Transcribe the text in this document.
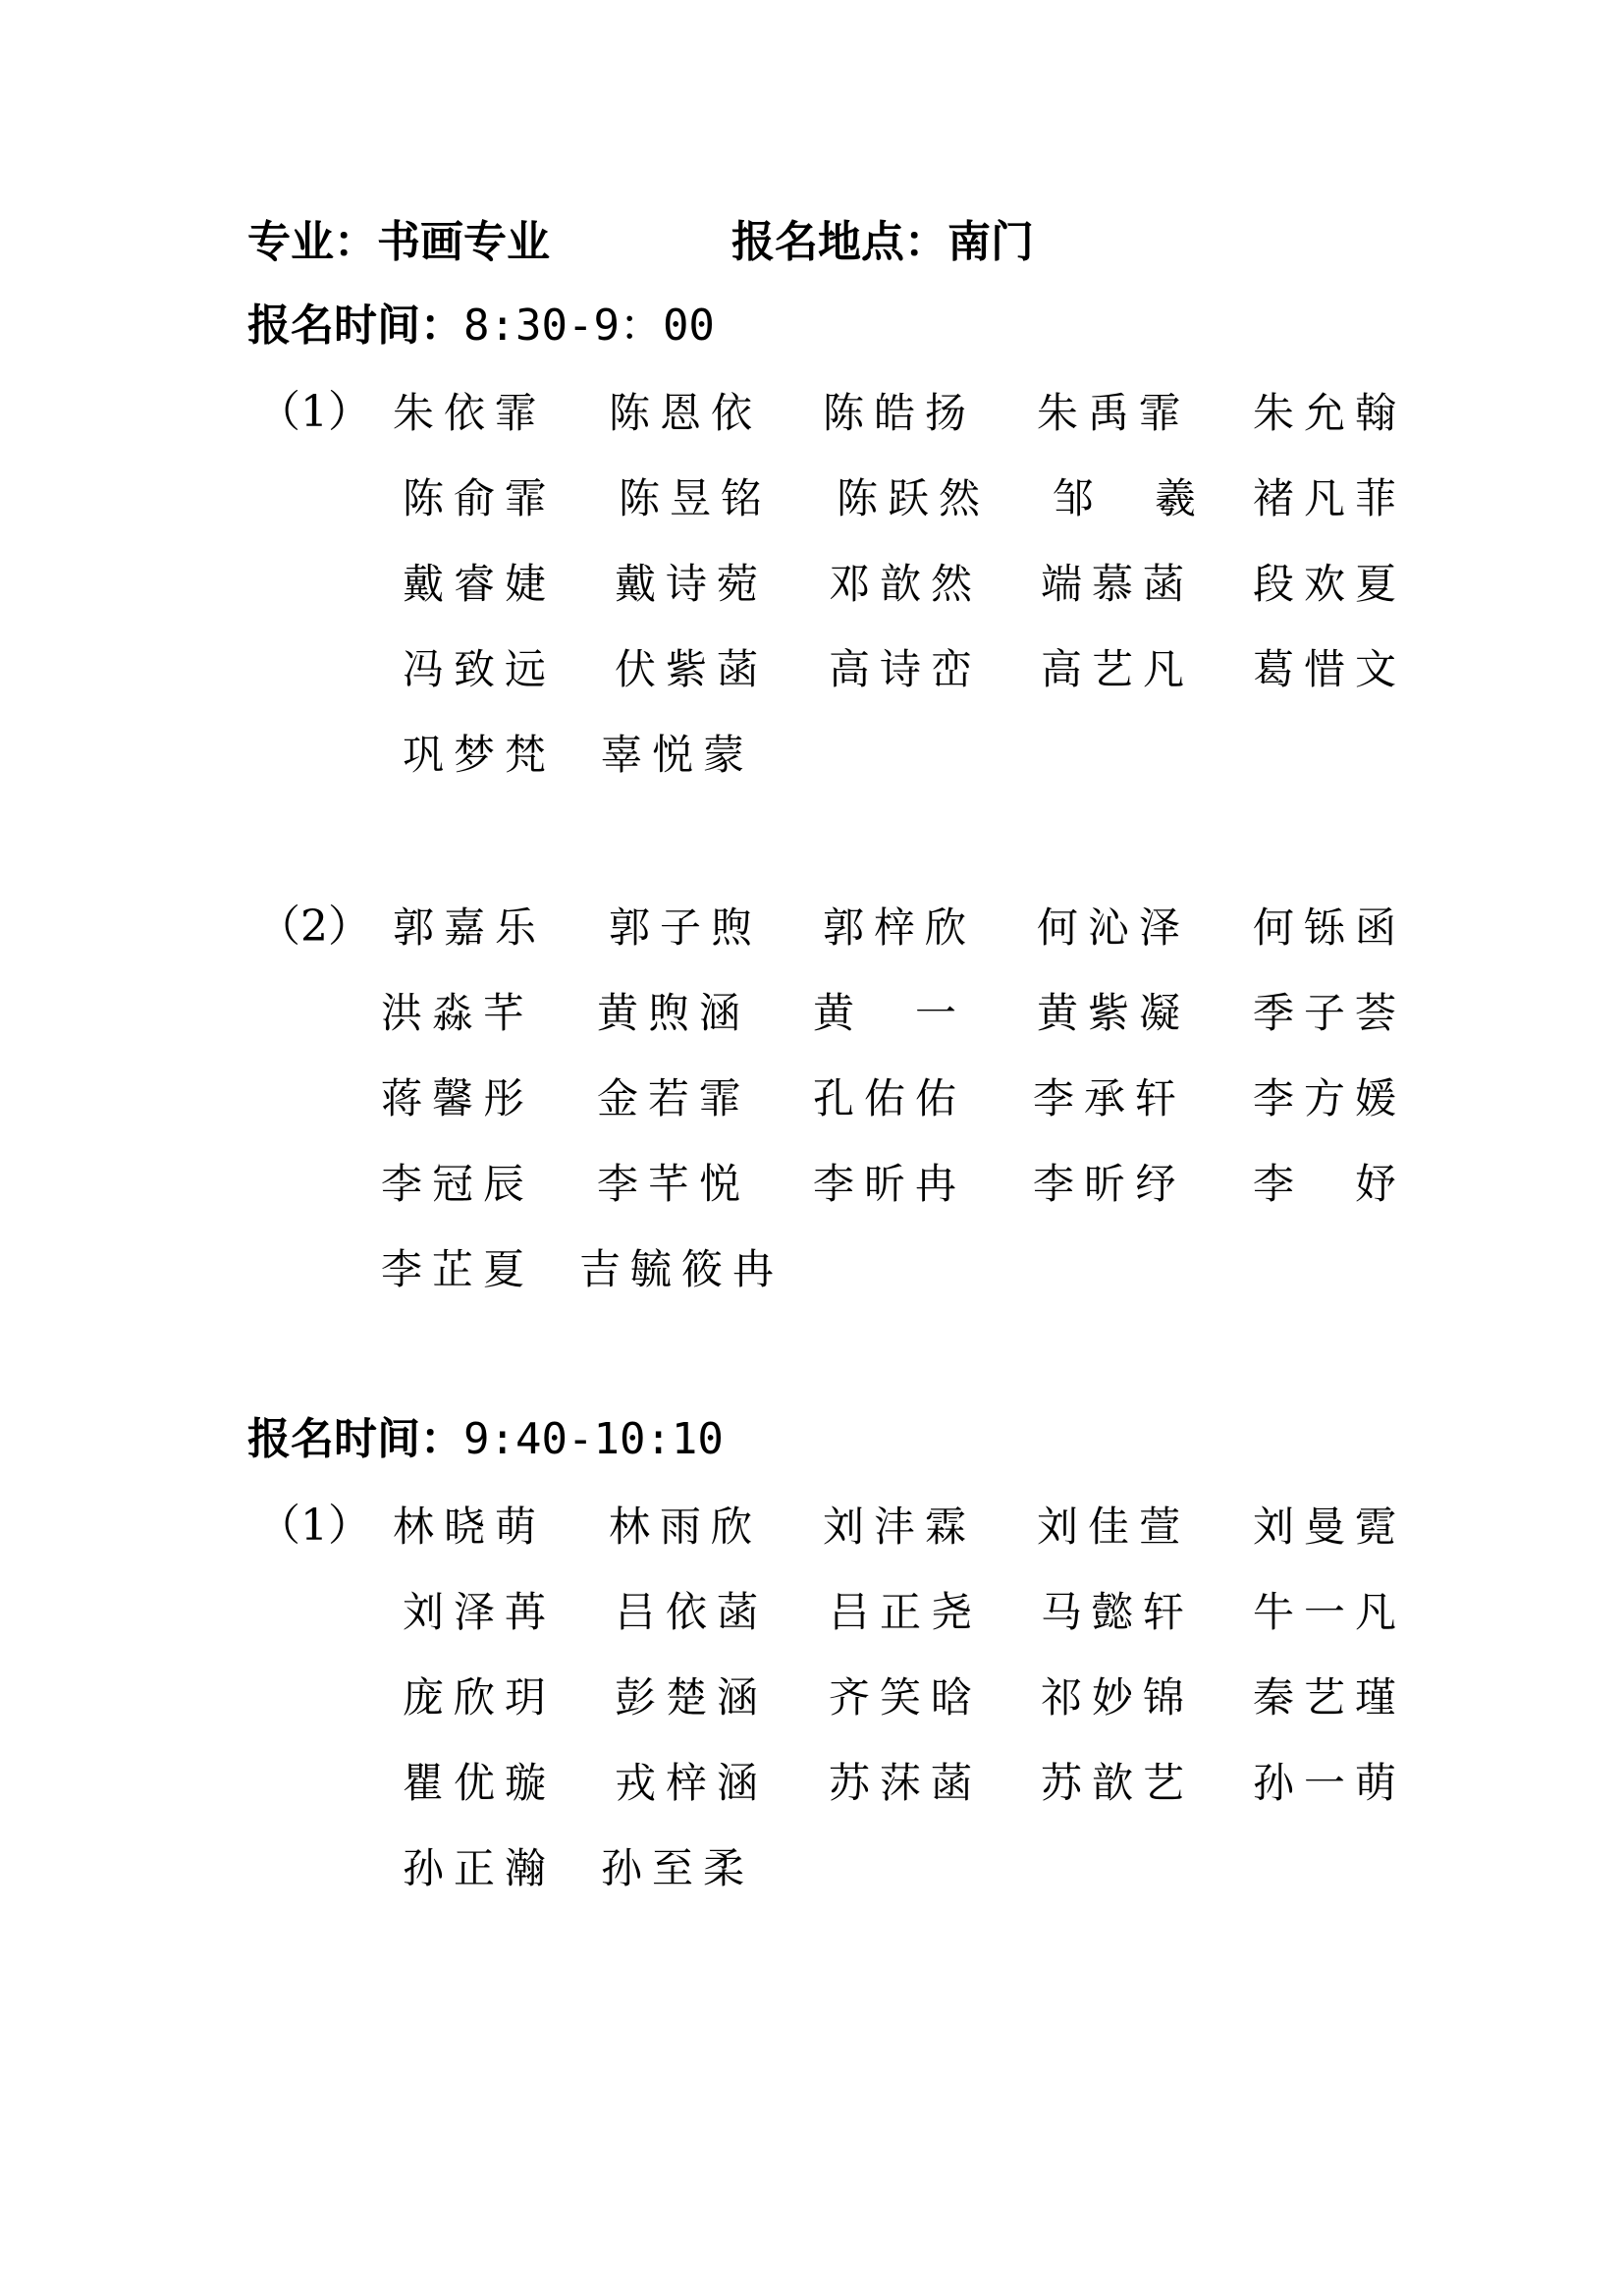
专业：书画专业	报名地点：南门
报名时间：8:30-9：00
（1） 朱依霏 陈恩依 陈皓扬 朱禹霏 朱允翰
陈俞霏 陈昱铭 陈跃然 邹　羲 褚凡菲
戴睿婕 戴诗菀 邓歆然 端慕菡 段欢夏
冯致远 伏紫菡 高诗峦 高艺凡 葛惜文
巩梦梵 辜悦蒙
（2） 郭嘉乐 郭子煦 郭梓欣 何沁泽 何铄函
洪淼芊 黄煦涵 黄　一 黄紫凝 季子荟
蒋馨彤 金若霏 孔佑佑 李承轩 李方媛
李冠辰 李芊悦 李昕冉 李昕纾 李　妤
李芷夏 吉毓筱冉
报名时间：9:40-10:10
（1） 林晓萌 林雨欣 刘沣霖 刘佳萱 刘曼霓
刘泽苒 吕依菡 吕正尧 马懿轩 牛一凡
庞欣玥 彭楚涵 齐笑晗 祁妙锦 秦艺瑾
瞿优璇 戎梓涵 苏莯菡 苏歆艺 孙一萌
孙正瀚 孙至柔
